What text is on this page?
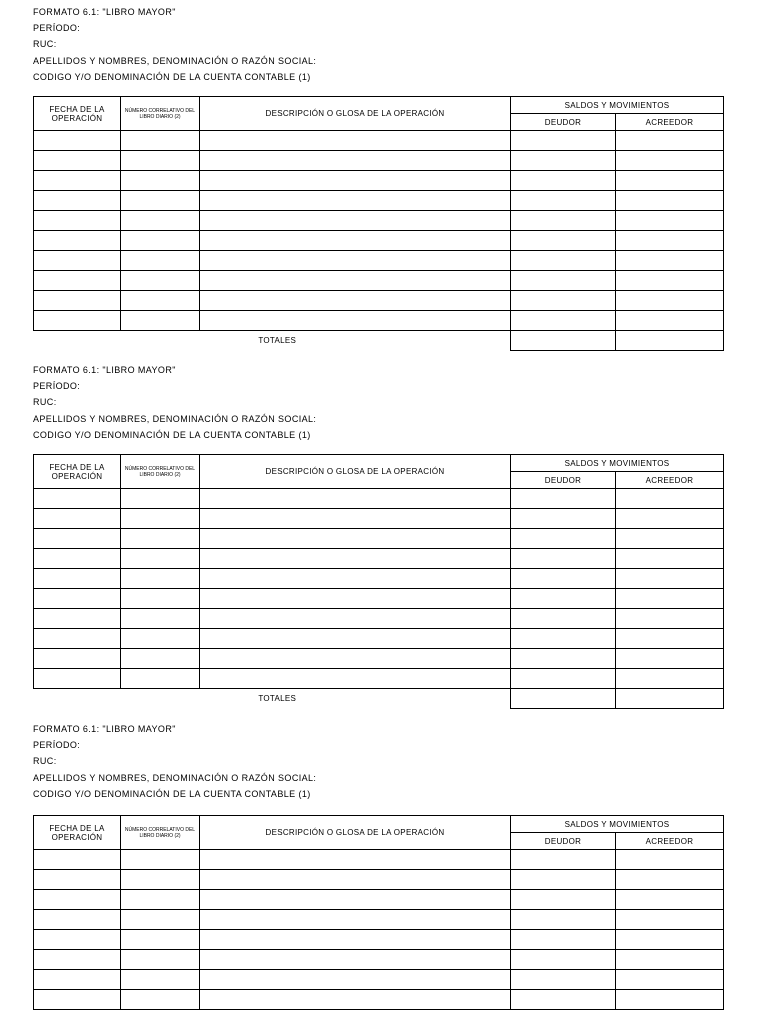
FORMATO 6.1: "LIBRO MAYOR"
PERÍODO:
RUC:
APELLIDOS Y NOMBRES, DENOMINACIÓN O RAZÓN SOCIAL:
CODIGO Y/O DENOMINACIÓN DE LA CUENTA CONTABLE (1)
FECHA DE LA OPERACIÓN	NÚMERO CORRELATIVO DEL LIBRO DIARIO (2)	DESCRIPCIÓN O GLOSA DE LA OPERACIÓN	SALDOS Y MOVIMIENTOS	
			DEUDOR	ACREEDOR

		TOTALES		
FORMATO 6.1: "LIBRO MAYOR"
PERÍODO:
RUC:
APELLIDOS Y NOMBRES, DENOMINACIÓN O RAZÓN SOCIAL:
CODIGO Y/O DENOMINACIÓN DE LA CUENTA CONTABLE (1)
FECHA DE LA OPERACIÓN	NÚMERO CORRELATIVO DEL LIBRO DIARIO (2)	DESCRIPCIÓN O GLOSA DE LA OPERACIÓN	SALDOS Y MOVIMIENTOS	
			DEUDOR	ACREEDOR

		TOTALES		
FORMATO 6.1: "LIBRO MAYOR"
PERÍODO:
RUC:
APELLIDOS Y NOMBRES, DENOMINACIÓN O RAZÓN SOCIAL:
CODIGO Y/O DENOMINACIÓN DE LA CUENTA CONTABLE (1)
FECHA DE LA OPERACIÓN	NÚMERO CORRELATIVO DEL LIBRO DIARIO (2)	DESCRIPCIÓN O GLOSA DE LA OPERACIÓN	SALDOS Y MOVIMIENTOS	
			DEUDOR	ACREEDOR
